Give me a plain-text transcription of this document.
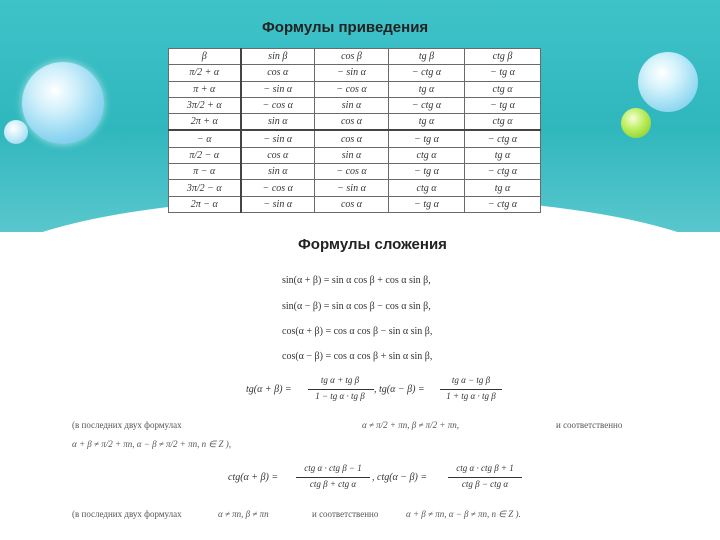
Формулы приведения
β	sin β	cos β	tg β	ctg β
π/2 + α	cos α	− sin α	− ctg α	− tg α
π + α	− sin α	− cos α	tg α	ctg α
3π/2 + α	− cos α	sin α	− ctg α	− tg α
2π + α	sin α	cos α	tg α	ctg α
− α	− sin α	cos α	− tg α	− ctg α
π/2 − α	cos α	sin α	ctg α	tg α
π − α	sin α	− cos α	− tg α	− ctg α
3π/2 − α	− cos α	− sin α	ctg α	tg α
2π − α	− sin α	cos α	− tg α	− ctg α
Формулы сложения
sin(α + β) = sin α cos β + cos α sin β,
sin(α − β) = sin α cos β − cos α sin β,
cos(α + β) = cos α cos β − sin α sin β,
cos(α − β) = cos α cos β + sin α sin β,
tg(α + β) =
tg α + tg β
1 − tg α · tg β
, tg(α − β) =
tg α − tg β
1 + tg α · tg β
(в последних двух формулах	α ≠ π/2 + πn, β ≠ π/2 + πn,	и соответственно
α + β ≠ π/2 + πn, α − β ≠ π/2 + πn, n ∈ Z ),
ctg(α + β) =
ctg α · ctg β − 1
ctg β + ctg α
, ctg(α − β) =
ctg α · ctg β + 1
ctg β − ctg α
(в последних двух формулах	α ≠ πn, β ≠ πn	и соответственно	α + β ≠ πn, α − β ≠ πn, n ∈ Z ).
